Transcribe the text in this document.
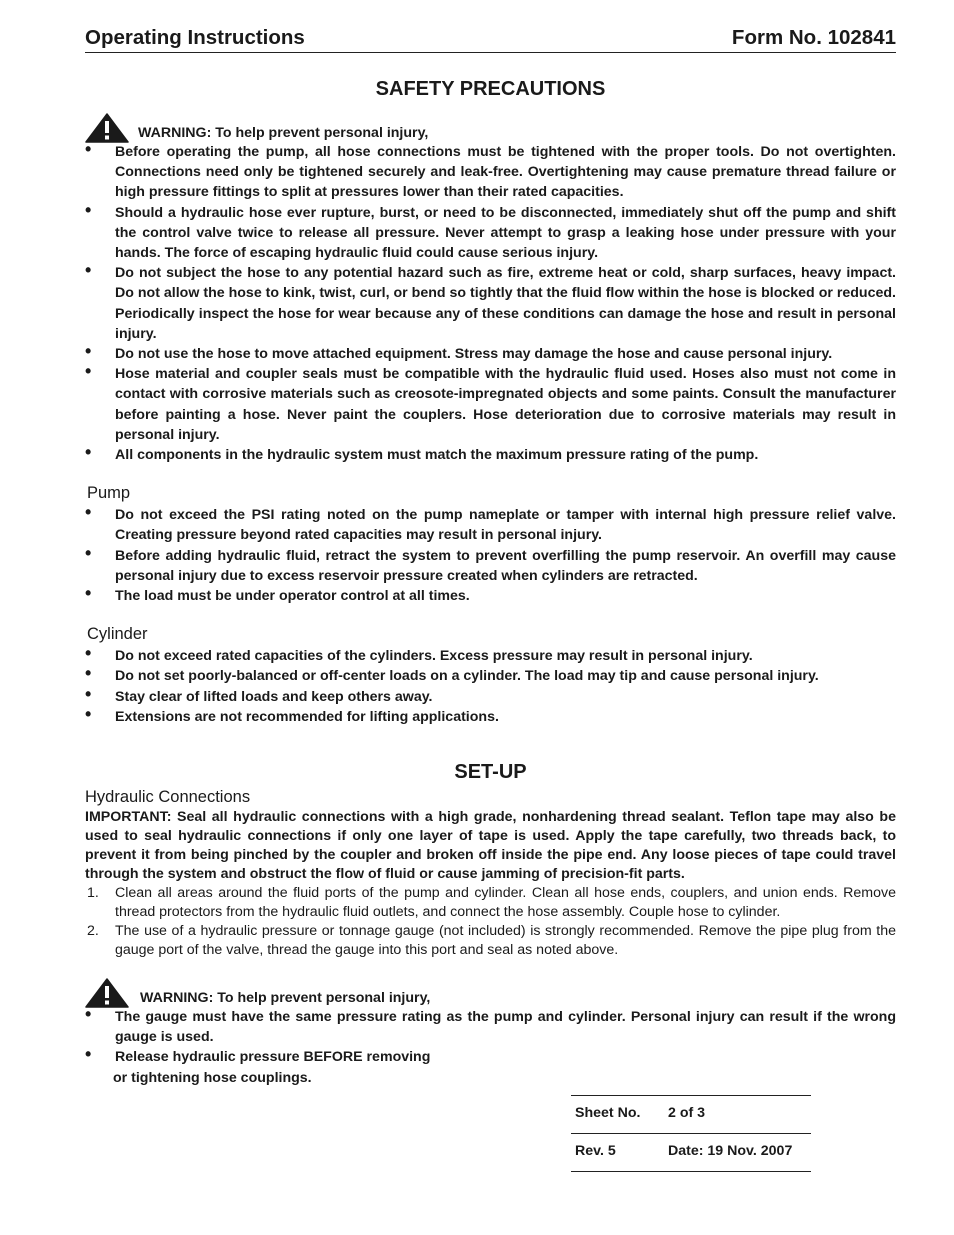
Operating Instructions	Form No. 102841
SAFETY PRECAUTIONS
WARNING: To help prevent personal injury,
• Before operating the pump, all hose connections must be tightened with the proper tools. Do not overtighten. Connections need only be tightened securely and leak-free. Overtightening may cause premature thread failure or high pressure fittings to split at pressures lower than their rated capacities.
• Should a hydraulic hose ever rupture, burst, or need to be disconnected, immediately shut off the pump and shift the control valve twice to release all pressure. Never attempt to grasp a leaking hose under pressure with your hands. The force of escaping hydraulic fluid could cause serious injury.
• Do not subject the hose to any potential hazard such as fire, extreme heat or cold, sharp surfaces, heavy impact. Do not allow the hose to kink, twist, curl, or bend so tightly that the fluid flow within the hose is blocked or reduced. Periodically inspect the hose for wear because any of these conditions can damage the hose and result in personal injury.
• Do not use the hose to move attached equipment. Stress may damage the hose and cause personal injury.
• Hose material and coupler seals must be compatible with the hydraulic fluid used. Hoses also must not come in contact with corrosive materials such as creosote-impregnated objects and some paints. Consult the manufacturer before painting a hose. Never paint the couplers. Hose deterioration due to corrosive materials may result in personal injury.
• All components in the hydraulic system must match the maximum pressure rating of the pump.
Pump
• Do not exceed the PSI rating noted on the pump nameplate or tamper with internal high pressure relief valve. Creating pressure beyond rated capacities may result in personal injury.
• Before adding hydraulic fluid, retract the system to prevent overfilling the pump reservoir. An overfill may cause personal injury due to excess reservoir pressure created when cylinders are retracted.
• The load must be under operator control at all times.
Cylinder
• Do not exceed rated capacities of the cylinders. Excess pressure may result in personal injury.
• Do not set poorly-balanced or off-center loads on a cylinder. The load may tip and cause personal injury.
• Stay clear of lifted loads and keep others away.
• Extensions are not recommended for lifting applications.
SET-UP
Hydraulic Connections

IMPORTANT: Seal all hydraulic connections with a high grade, nonhardening thread sealant. Teflon tape may also be used to seal hydraulic connections if only one layer of tape is used. Apply the tape carefully, two threads back, to prevent it from being pinched by the coupler and broken off inside the pipe end. Any loose pieces of tape could travel through the system and obstruct the flow of fluid or cause jamming of precision-fit parts.

1. Clean all areas around the fluid ports of the pump and cylinder. Clean all hose ends, couplers, and union ends. Remove thread protectors from the hydraulic fluid outlets, and connect the hose assembly. Couple hose to cylinder.
2. The use of a hydraulic pressure or tonnage gauge (not included) is strongly recommended. Remove the pipe plug from the gauge port of the valve, thread the gauge into this port and seal as noted above.
WARNING: To help prevent personal injury,
• The gauge must have the same pressure rating as the pump and cylinder. Personal injury can result if the wrong gauge is used.
• Release hydraulic pressure BEFORE removing
or tightening hose couplings.
Sheet No. 2 of 3
Rev. 5	Date: 19 Nov. 2007
